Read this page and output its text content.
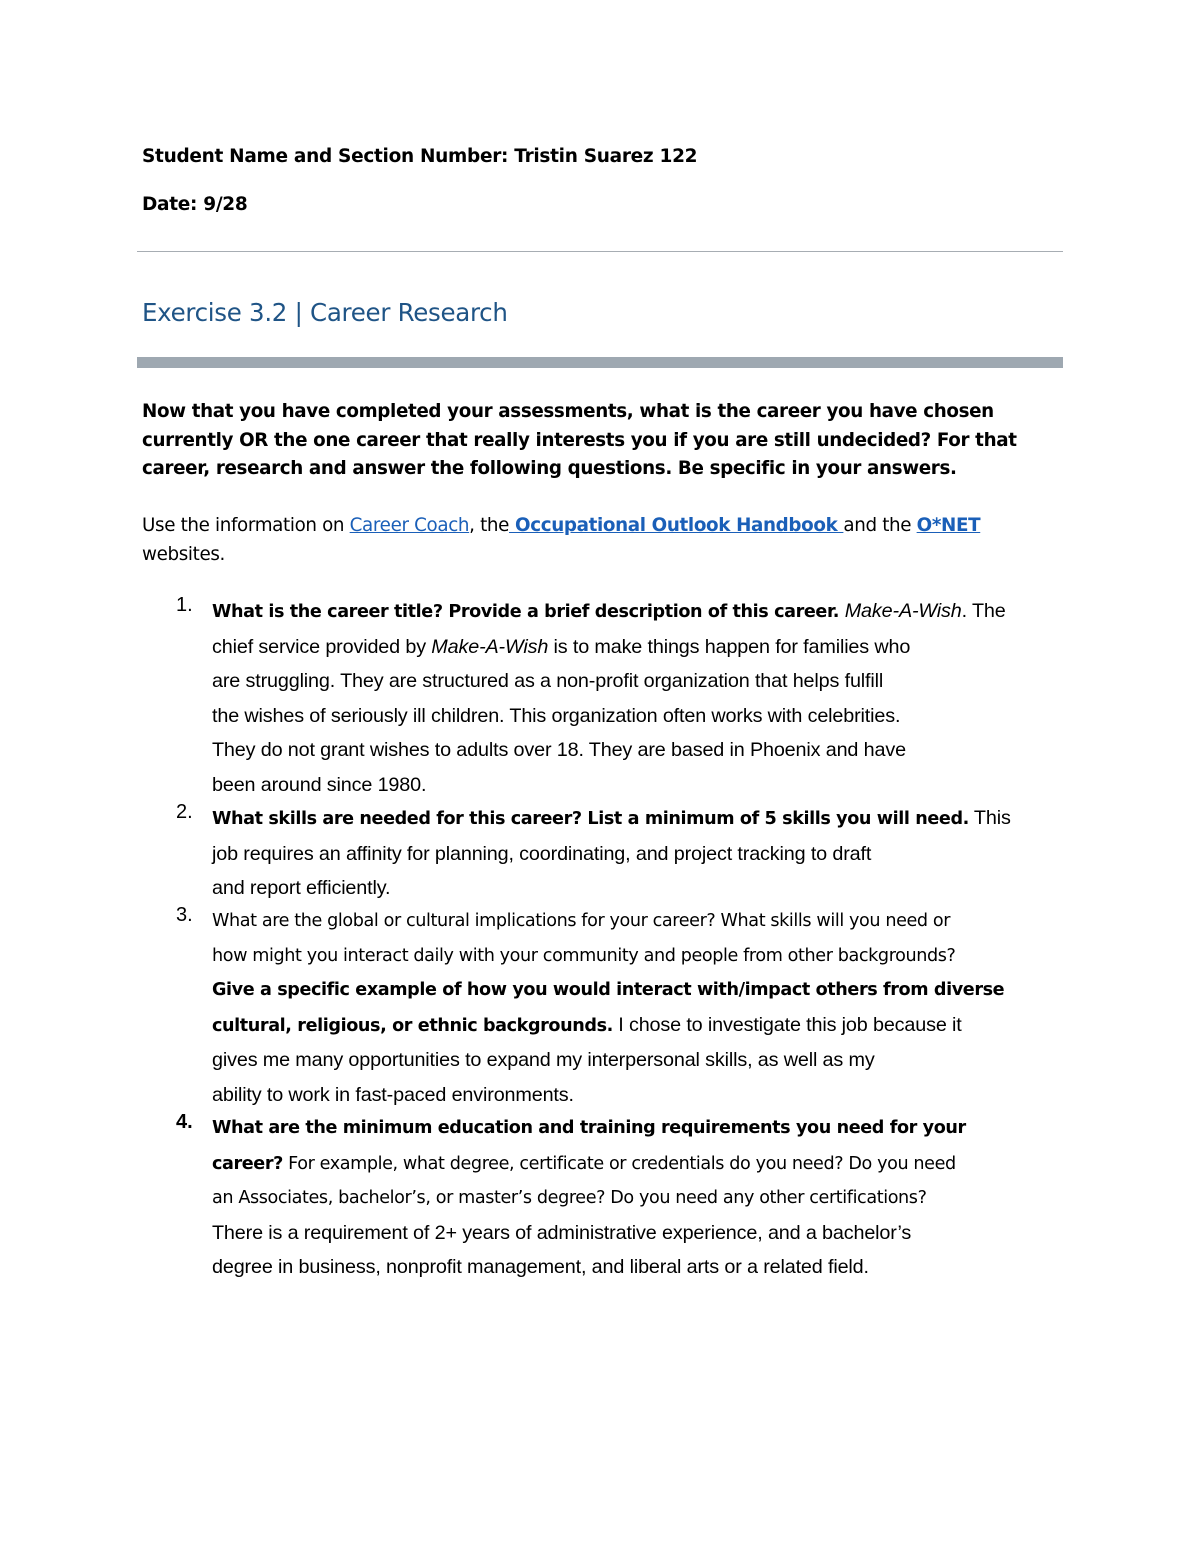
Student Name and Section Number: Tristin Suarez 122
Date: 9/28
Exercise 3.2 | Career Research
Now that you have completed your assessments, what is the career you have chosen
currently OR the one career that really interests you if you are still undecided? For that
career, research and answer the following questions. Be specific in your answers.
Use the information on Career Coach, the Occupational Outlook Handbook and the O*NET
websites.
1. What is the career title? Provide a brief description of this career. Make-A-Wish. The
chief service provided by Make-A-Wish is to make things happen for families who
are struggling. They are structured as a non-profit organization that helps fulfill
the wishes of seriously ill children. This organization often works with celebrities.
They do not grant wishes to adults over 18. They are based in Phoenix and have
been around since 1980.
2. What skills are needed for this career? List a minimum of 5 skills you will need. This
job requires an affinity for planning, coordinating, and project tracking to draft
and report efficiently.
3. What are the global or cultural implications for your career? What skills will you need or
how might you interact daily with your community and people from other backgrounds?
Give a specific example of how you would interact with/impact others from diverse
cultural, religious, or ethnic backgrounds. I chose to investigate this job because it
gives me many opportunities to expand my interpersonal skills, as well as my
ability to work in fast-paced environments.
4. What are the minimum education and training requirements you need for your
career? For example, what degree, certificate or credentials do you need? Do you need
an Associates, bachelor’s, or master’s degree? Do you need any other certifications?
There is a requirement of 2+ years of administrative experience, and a bachelor’s
degree in business, nonprofit management, and liberal arts or a related field.
